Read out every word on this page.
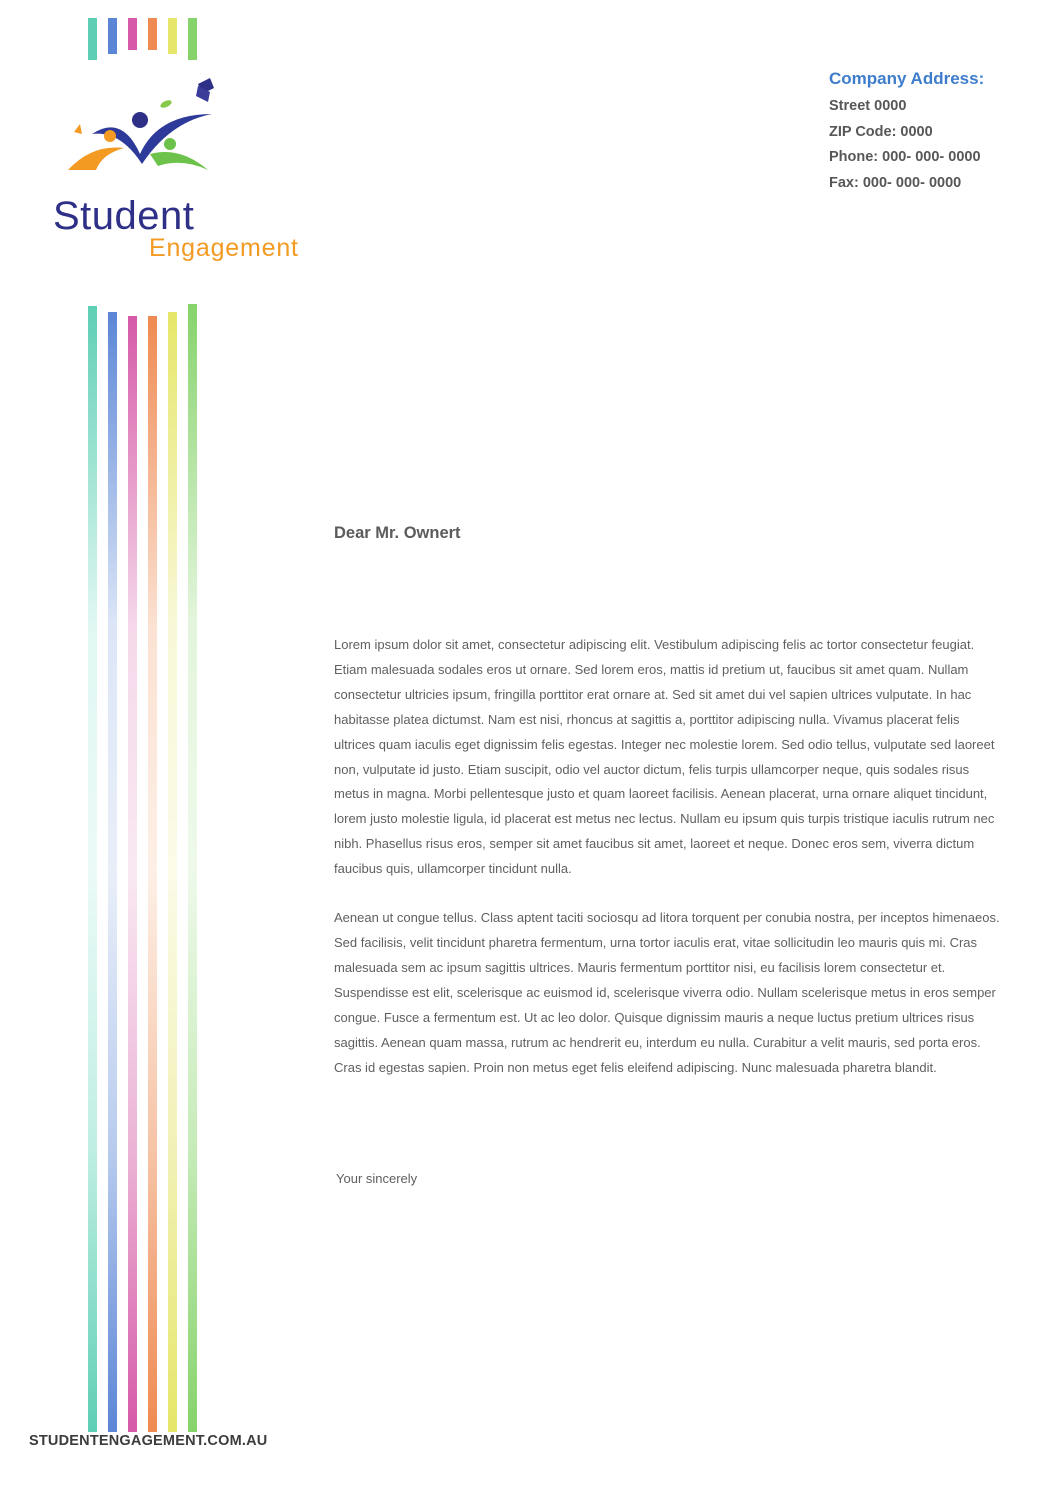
Student
Engagement
Company Address:
Street 0000
ZIP Code: 0000
Phone: 000- 000- 0000
Fax: 000- 000- 0000
Dear Mr. Ownert

Lorem ipsum dolor sit amet, consectetur adipiscing elit. Vestibulum adipiscing felis ac tortor consectetur feugiat. Etiam malesuada sodales eros ut ornare. Sed lorem eros, mattis id pretium ut, faucibus sit amet quam. Nullam consectetur ultricies ipsum, fringilla porttitor erat ornare at. Sed sit amet dui vel sapien ultrices vulputate. In hac habitasse platea dictumst. Nam est nisi, rhoncus at sagittis a, porttitor adipiscing nulla. Vivamus placerat felis ultrices quam iaculis eget dignissim felis egestas. Integer nec molestie lorem. Sed odio tellus, vulputate sed laoreet non, vulputate id justo. Etiam suscipit, odio vel auctor dictum, felis turpis ullamcorper neque, quis sodales risus metus in magna. Morbi pellentesque justo et quam laoreet facilisis. Aenean placerat, urna ornare aliquet tincidunt, lorem justo molestie ligula, id placerat est metus nec lectus. Nullam eu ipsum quis turpis tristique iaculis rutrum nec nibh. Phasellus risus eros, semper sit amet faucibus sit amet, laoreet et neque. Donec eros sem, viverra dictum faucibus quis, ullamcorper tincidunt nulla.

Aenean ut congue tellus. Class aptent taciti sociosqu ad litora torquent per conubia nostra, per inceptos himenaeos. Sed facilisis, velit tincidunt pharetra fermentum, urna tortor iaculis erat, vitae sollicitudin leo mauris quis mi. Cras malesuada sem ac ipsum sagittis ultrices. Mauris fermentum porttitor nisi, eu facilisis lorem consectetur et. Suspendisse est elit, scelerisque ac euismod id, scelerisque viverra odio. Nullam scelerisque metus in eros semper congue. Fusce a fermentum est. Ut ac leo dolor. Quisque dignissim mauris a neque luctus pretium ultrices risus sagittis. Aenean quam massa, rutrum ac hendrerit eu, interdum eu nulla. Curabitur a velit mauris, sed porta eros. Cras id egestas sapien. Proin non metus eget felis eleifend adipiscing. Nunc malesuada pharetra blandit.

Your sincerely
STUDENTENGAGEMENT.COM.AU
